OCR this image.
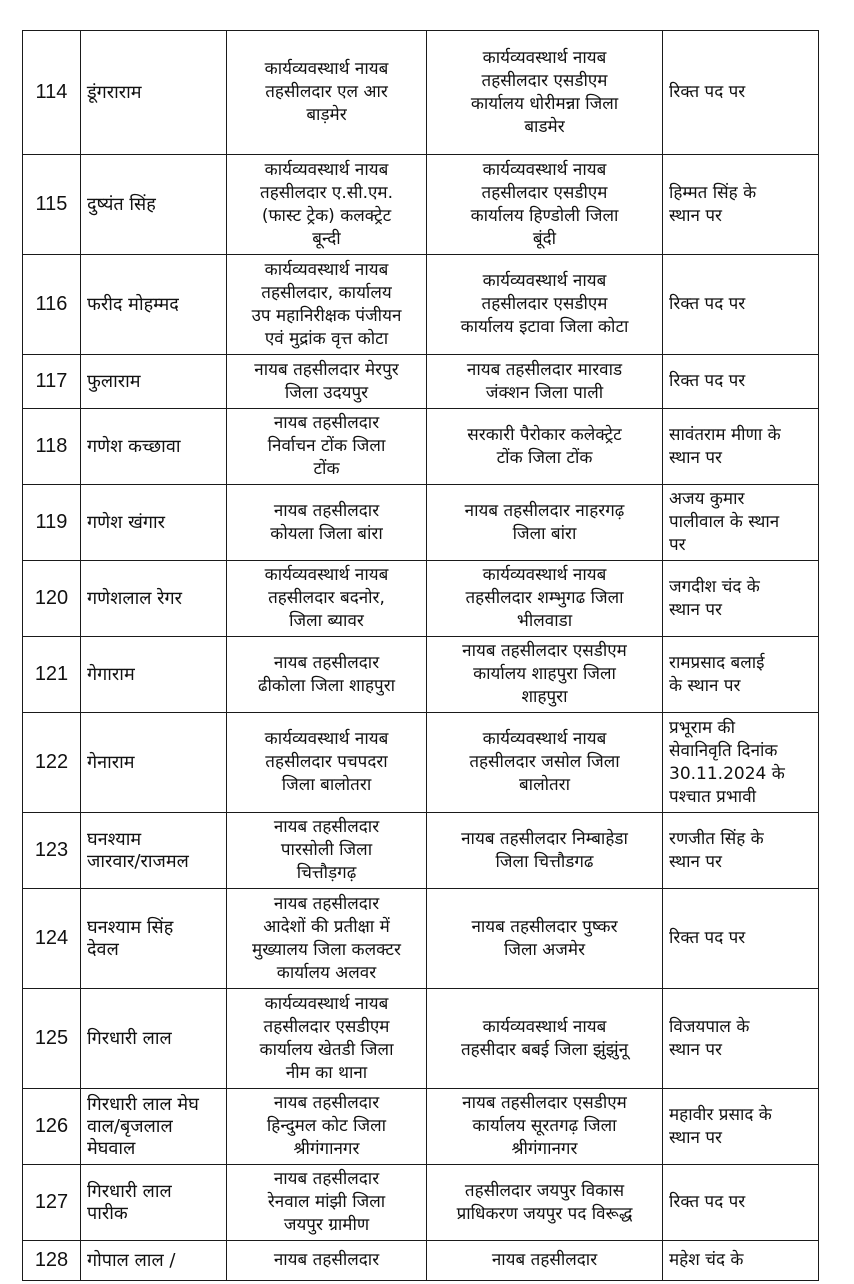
114	डूंगराराम	कार्यव्यवस्थार्थ नायब
तहसीलदार एल आर
बाड़मेर	कार्यव्यवस्थार्थ नायब
तहसीलदार एसडीएम
कार्यालय धोरीमन्ना जिला
बाडमेर	रिक्त पद पर

115	दुष्यंत सिंह	कार्यव्यवस्थार्थ नायब
तहसीलदार ए.सी.एम.
(फास्ट ट्रेक) कलक्ट्रेट
बून्दी	कार्यव्यवस्थार्थ नायब
तहसीलदार एसडीएम
कार्यालय हिण्डोली जिला
बूंदी	हिम्मत सिंह के
स्थान पर

116	फरीद मोहम्मद	कार्यव्यवस्थार्थ नायब
तहसीलदार, कार्यालय
उप महानिरीक्षक पंजीयन
एवं मुद्रांक वृत्त कोटा	कार्यव्यवस्थार्थ नायब
तहसीलदार एसडीएम
कार्यालय इटावा जिला कोटा	रिक्त पद पर

117	फुलाराम	नायब तहसीलदार मेरपुर
जिला उदयपुर	नायब तहसीलदार मारवाड
जंक्शन जिला पाली	रिक्त पद पर

118	गणेश कच्छावा	नायब तहसीलदार
निर्वाचन टोंक जिला
टोंक	सरकारी पैरोकार कलेक्ट्रेट
टोंक जिला टोंक	सावंतराम मीणा के
स्थान पर

119	गणेश खंगार	नायब तहसीलदार
कोयला जिला बांरा	नायब तहसीलदार नाहरगढ़
जिला बांरा	अजय कुमार
पालीवाल के स्थान
पर

120	गणेशलाल रेगर	कार्यव्यवस्थार्थ नायब
तहसीलदार बदनोर,
जिला ब्यावर	कार्यव्यवस्थार्थ नायब
तहसीलदार शम्भुगढ जिला
भीलवाडा	जगदीश चंद के
स्थान पर

121	गेगाराम	नायब तहसीलदार
ढीकोला जिला शाहपुरा	नायब तहसीलदार एसडीएम
कार्यालय शाहपुरा जिला
शाहपुरा	रामप्रसाद बलाई
के स्थान पर

122	गेनाराम	कार्यव्यवस्थार्थ नायब
तहसीलदार पचपदरा
जिला बालोतरा	कार्यव्यवस्थार्थ नायब
तहसीलदार जसोल जिला
बालोतरा	प्रभूराम की
सेवानिवृति दिनांक
30.11.2024 के
पश्चात प्रभावी

123	घनश्याम
जारवार/राजमल	नायब तहसीलदार
पारसोली जिला
चित्तौड़गढ़	नायब तहसीलदार निम्बाहेडा
जिला चित्तौडगढ	रणजीत सिंह के
स्थान पर

124	घनश्याम सिंह
देवल	नायब तहसीलदार
आदेशों की प्रतीक्षा में
मुख्यालय जिला कलक्टर
कार्यालय अलवर	नायब तहसीलदार पुष्कर
जिला अजमेर	रिक्त पद पर

125	गिरधारी लाल	कार्यव्यवस्थार्थ नायब
तहसीलदार एसडीएम
कार्यालय खेतडी जिला
नीम का थाना	कार्यव्यवस्थार्थ नायब
तहसीदार बबई जिला झुंझुंनू	विजयपाल के
स्थान पर

126	गिरधारी लाल मेघ
वाल/बृजलाल
मेघवाल	नायब तहसीलदार
हिन्दुमल कोट जिला
श्रीगंगानगर	नायब तहसीलदार एसडीएम
कार्यालय सूरतगढ़ जिला
श्रीगंगानगर	महावीर प्रसाद के
स्थान पर

127	गिरधारी लाल
पारीक	नायब तहसीलदार
रेनवाल मांझी जिला
जयपुर ग्रामीण	तहसीलदार जयपुर विकास
प्राधिकरण जयपुर पद विरूद्ध	रिक्त पद पर

128	गोपाल लाल /	नायब तहसीलदार	नायब तहसीलदार	महेश चंद के
